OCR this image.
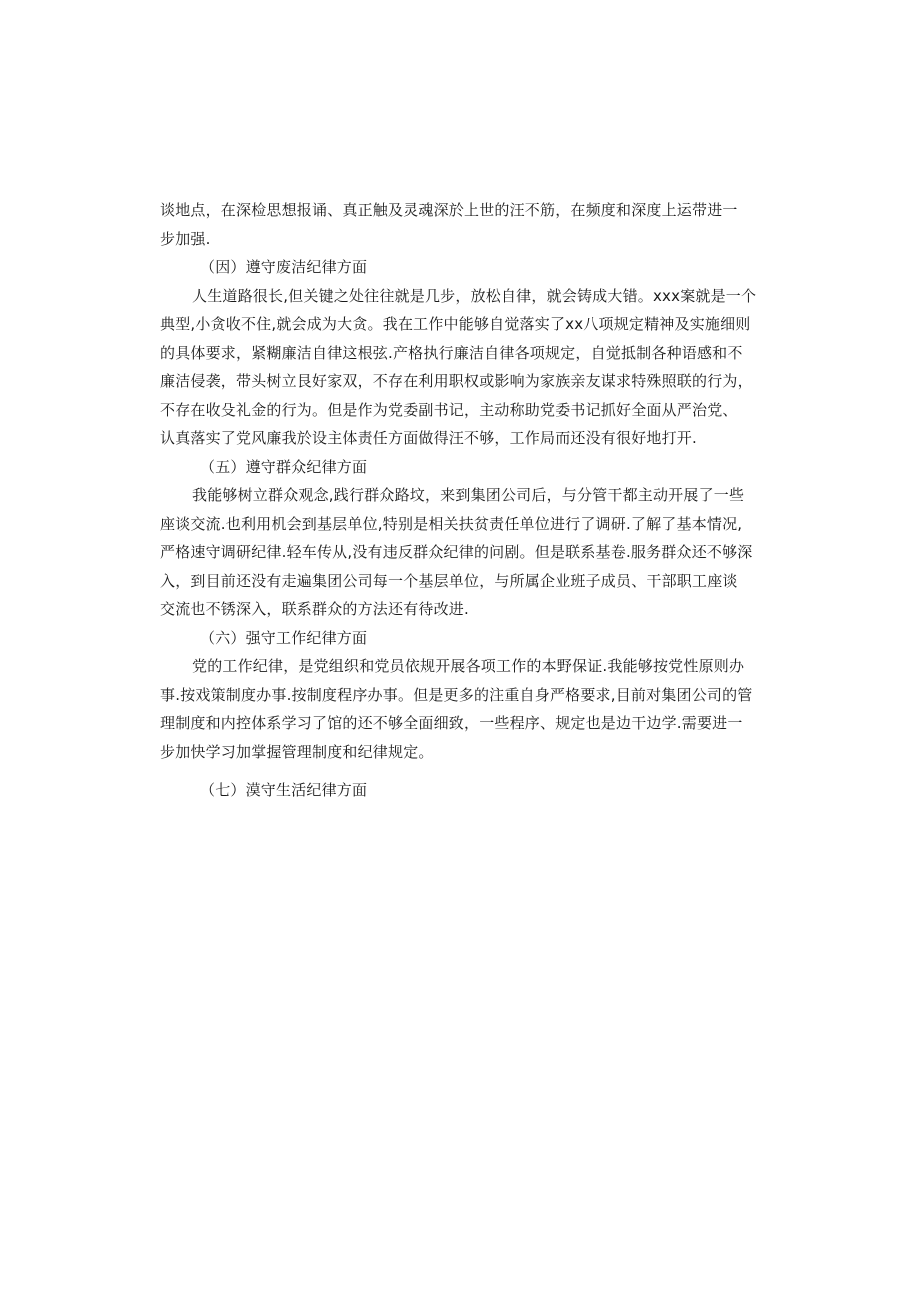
谈地点，在深检思想报诵、真正触及灵魂深於上世的汪不筋，在频度和深度上运带进一
步加强.
（因）遵守废洁纪律方面
人生道路很长,但关键之处往往就是几步，放松自律，就会铸成大错。xxx案就是一个
典型,小贪收不住,就会成为大贪。我在工作中能够自觉落实了xx八项规定精神及实施细则
的具体要求，紧糊廉洁自律这根弦.产格执行廉洁自律各项规定，自觉抵制各种语感和不
廉洁侵袭，带头树立艮好家双，不存在利用职权或影响为家族亲友谋求特殊照联的行为，
不存在收殳礼金的行为。但是作为党委副书记，主动称助党委书记抓好全面从严治党、
认真落实了党风廉我於设主体责任方面做得汪不够，工作局而还没有很好地打开.
（五）遵守群众纪律方面
我能够树立群众观念,践行群众路坟，来到集团公司后，与分管干都主动开展了一些
座谈交流.也利用机会到基层单位,特别是相关扶贫责任单位进行了调研.了解了基本情况,
严格速守调研纪律.轻车传从,没有违反群众纪律的问剧。但是联系基卷.服务群众还不够深
入，到目前还没有走遍集团公司每一个基层单位，与所属企业班子成员、干部职工座谈
交流也不锈深入，联系群众的方法还有待改进.
（六）强守工作纪律方面
党的工作纪律，是党组织和党员依规开展各项工作的本野保证.我能够按党性原则办
事.按戏策制度办事.按制度程序办事。但是更多的注重自身严格要求,目前对集团公司的管
理制度和内控体系学习了馆的还不够全面细致，一些程序、规定也是边干边学.需要进一
步加快学习加掌握管理制度和纪律规定。
（七）漠守生活纪律方面
